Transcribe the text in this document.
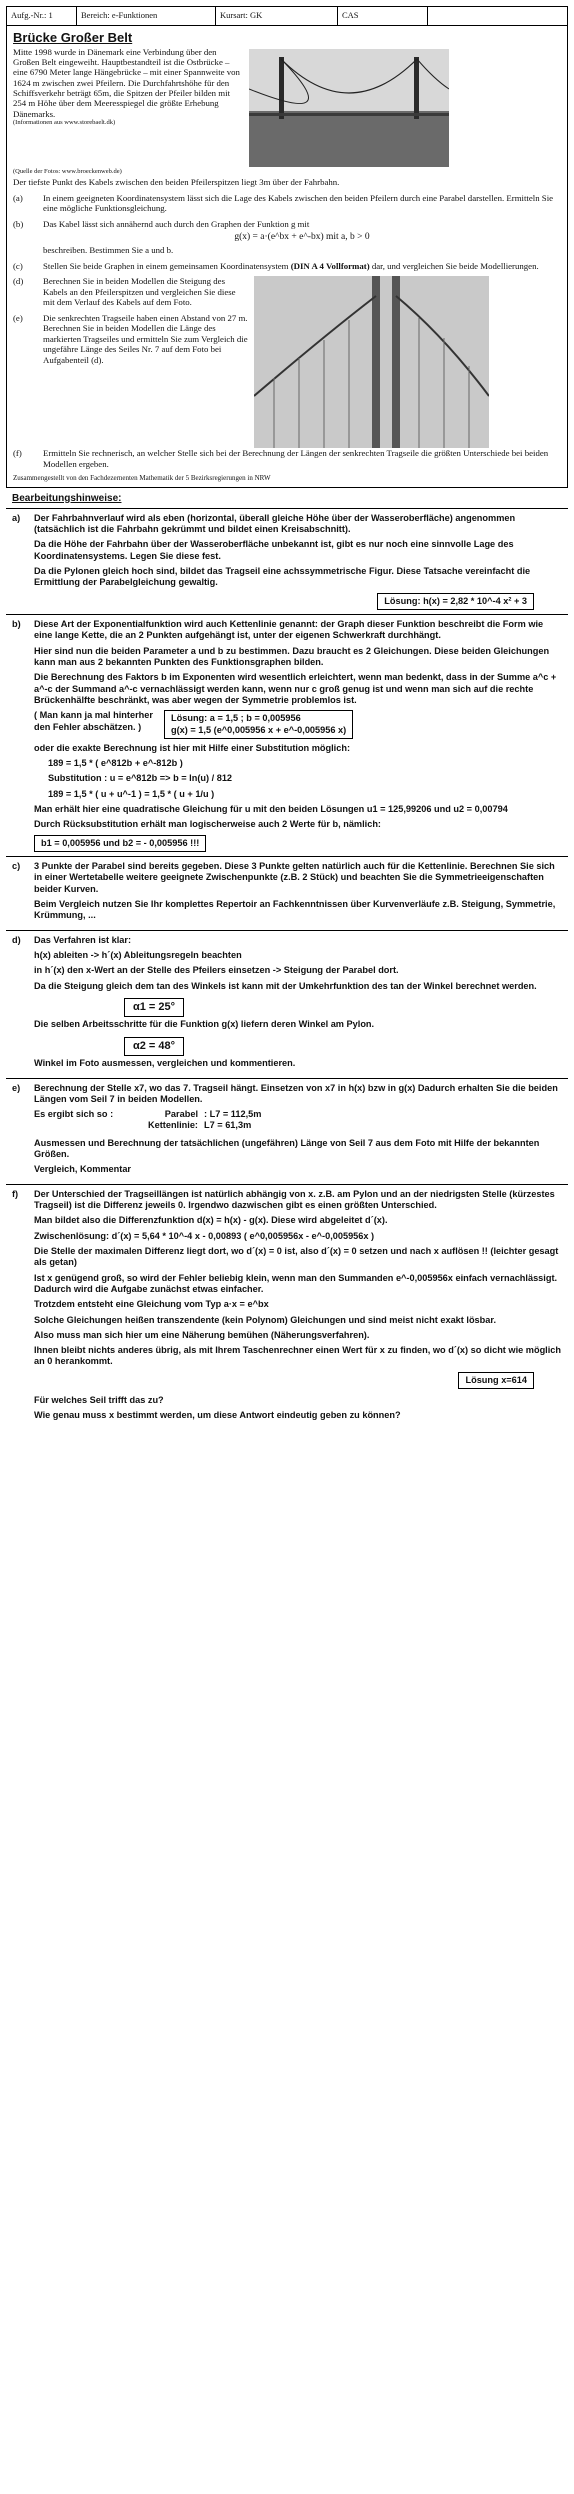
Aufg.-Nr.: 1	Bereich: e-Funktionen	Kursart: GK	CAS
Brücke Großer Belt
Mitte 1998 wurde in Dänemark eine Verbindung über den Großen Belt eingeweiht. Hauptbestandteil ist die Ostbrücke – eine 6790 Meter lange Hängebrücke – mit einer Spannweite von 1624 m zwischen zwei Pfeilern. Die Durchfahrtshöhe für den Schiffsverkehr beträgt 65m, die Spitzen der Pfeiler bilden mit 254 m Höhe über dem Meeresspiegel die größte Erhebung Dänemarks.
(Informationen aus www.storebaelt.dk)
(Quelle der Fotos: www.broeckenweb.de)
Der tiefste Punkt des Kabels zwischen den beiden Pfeilerspitzen liegt 3m über der Fahrbahn.
(a)	In einem geeigneten Koordinatensystem lässt sich die Lage des Kabels zwischen den beiden Pfeilern durch eine Parabel darstellen. Ermitteln Sie eine mögliche Funktionsgleichung.
(b)	Das Kabel lässt sich annähernd auch durch den Graphen der Funktion g mit
g(x) = a·(e^bx + e^-bx) mit a, b > 0
beschreiben. Bestimmen Sie a und b.
(c)	Stellen Sie beide Graphen in einem gemeinsamen Koordinatensystem (DIN A 4 Vollformat) dar, und vergleichen Sie beide Modellierungen.
(d)	Berechnen Sie in beiden Modellen die Steigung des Kabels an den Pfeilerspitzen und vergleichen Sie diese mit dem Verlauf des Kabels auf dem Foto.
(e)	Die senkrechten Tragseile haben einen Abstand von 27 m. Berechnen Sie in beiden Modellen die Länge des markierten Tragseiles und ermitteln Sie zum Vergleich die ungefähre Länge des Seiles Nr. 7 auf dem Foto bei Aufgabenteil (d).
(f)	Ermitteln Sie rechnerisch, an welcher Stelle sich bei der Berechnung der Längen der senkrechten Tragseile die größten Unterschiede bei beiden Modellen ergeben.
Zusammengestellt von den Fachdezernenten Mathematik der 5 Bezirksregierungen in NRW
Bearbeitungshinweise:
a)	Der Fahrbahnverlauf wird als eben (horizontal, überall gleiche Höhe über der Wasseroberfläche) angenommen (tatsächlich ist die Fahrbahn gekrümmt und bildet einen Kreisabschnitt).

Da die Höhe der Fahrbahn über der Wasseroberfläche unbekannt ist, gibt es nur noch eine sinnvolle Lage des Koordinatensystems. Legen Sie diese fest.

Da die Pylonen gleich hoch sind, bildet das Tragseil eine achssymmetrische Figur. Diese Tatsache vereinfacht die Ermittlung der Parabelgleichung gewaltig.

Lösung: h(x) = 2,82 * 10^-4 x² + 3
b)	Diese Art der Exponentialfunktion wird auch Kettenlinie genannt: der Graph dieser Funktion beschreibt die Form wie eine lange Kette, die an 2 Punkten aufgehängt ist, unter der eigenen Schwerkraft durchhängt.

Hier sind nun die beiden Parameter a und b zu bestimmen. Dazu braucht es 2 Gleichungen. Diese beiden Gleichungen kann man aus 2 bekannten Punkten des Funktionsgraphen bilden.

Die Berechnung des Faktors b im Exponenten wird wesentlich erleichtert, wenn man bedenkt, dass in der Summe a^c + a^-c der Summand a^-c vernachlässigt werden kann, wenn nur c groß genug ist und wenn man sich auf die rechte Brückenhälfte beschränkt, was aber wegen der Symmetrie problemlos ist.

( Man kann ja mal hinterher den Fehler abschätzen. )
Lösung: a = 1,5 ; b = 0,005956
g(x) = 1,5 (e^0,005956 x + e^-0,005956 x)

oder die exakte Berechnung ist hier mit Hilfe einer Substitution möglich:

189 = 1,5 * ( e^812b + e^-812b )
Substitution : u = e^812b => b = ln(u) / 812
189 = 1,5 * ( u + u^-1 ) = 1,5 * ( u + 1/u )

Man erhält hier eine quadratische Gleichung für u mit den beiden Lösungen u1 = 125,99206 und u2 = 0,00794

Durch Rücksubstitution erhält man logischerweise auch 2 Werte für b, nämlich:

b1 = 0,005956 und b2 = - 0,005956 !!!
c)	3 Punkte der Parabel sind bereits gegeben. Diese 3 Punkte gelten natürlich auch für die Kettenlinie. Berechnen Sie sich in einer Wertetabelle weitere geeignete Zwischenpunkte (z.B. 2 Stück) und beachten Sie die Symmetrieeigenschaften beider Kurven.

Beim Vergleich nutzen Sie Ihr komplettes Repertoir an Fachkenntnissen über Kurvenverläufe z.B. Steigung, Symmetrie, Krümmung, ...

d)	Das Verfahren ist klar:

h(x) ableiten -> h´(x) Ableitungsregeln beachten

in h´(x) den x-Wert an der Stelle des Pfeilers einsetzen -> Steigung der Parabel dort.

Da die Steigung gleich dem tan des Winkels ist kann mit der Umkehrfunktion des tan der Winkel berechnet werden.

α1 = 25°

Die selben Arbeitsschritte für die Funktion g(x) liefern deren Winkel am Pylon.

α2 = 48°

Winkel im Foto ausmessen, vergleichen und kommentieren.

e)	Berechnung der Stelle x7, wo das 7. Tragseil hängt. Einsetzen von x7 in h(x) bzw in g(x) Dadurch erhalten Sie die beiden Längen vom Seil 7 in beiden Modellen.

Es ergibt sich so :	Parabel : L7 = 112,5m
Kettenlinie: L7 = 61,3m

Ausmessen und Berechnung der tatsächlichen (ungefähren) Länge von Seil 7 aus dem Foto mit Hilfe der bekannten Größen.

Vergleich, Kommentar

f)	Der Unterschied der Tragseillängen ist natürlich abhängig von x. z.B. am Pylon und an der niedrigsten Stelle (kürzestes Tragseil) ist die Differenz jeweils 0. Irgendwo dazwischen gibt es einen größten Unterschied.

Man bildet also die Differenzfunktion d(x) = h(x) - g(x). Diese wird abgeleitet d´(x).

Zwischenlösung: d´(x) = 5,64 * 10^-4 x - 0,00893 ( e^0,005956x - e^-0,005956x )

Die Stelle der maximalen Differenz liegt dort, wo d´(x) = 0 ist, also d´(x) = 0 setzen und nach x auflösen !! (leichter gesagt als getan)

Ist x genügend groß, so wird der Fehler beliebig klein, wenn man den Summanden e^-0,005956x einfach vernachlässigt. Dadurch wird die Aufgabe zunächst etwas einfacher.

Trotzdem entsteht eine Gleichung vom Typ a·x = e^bx

Solche Gleichungen heißen transzendente (kein Polynom) Gleichungen und sind meist nicht exakt lösbar.

Also muss man sich hier um eine Näherung bemühen (Näherungsverfahren).

Ihnen bleibt nichts anderes übrig, als mit Ihrem Taschenrechner einen Wert für x zu finden, wo d´(x) so dicht wie möglich an 0 herankommt.

Lösung x=614

Für welches Seil trifft das zu?

Wie genau muss x bestimmt werden, um diese Antwort eindeutig geben zu können?
